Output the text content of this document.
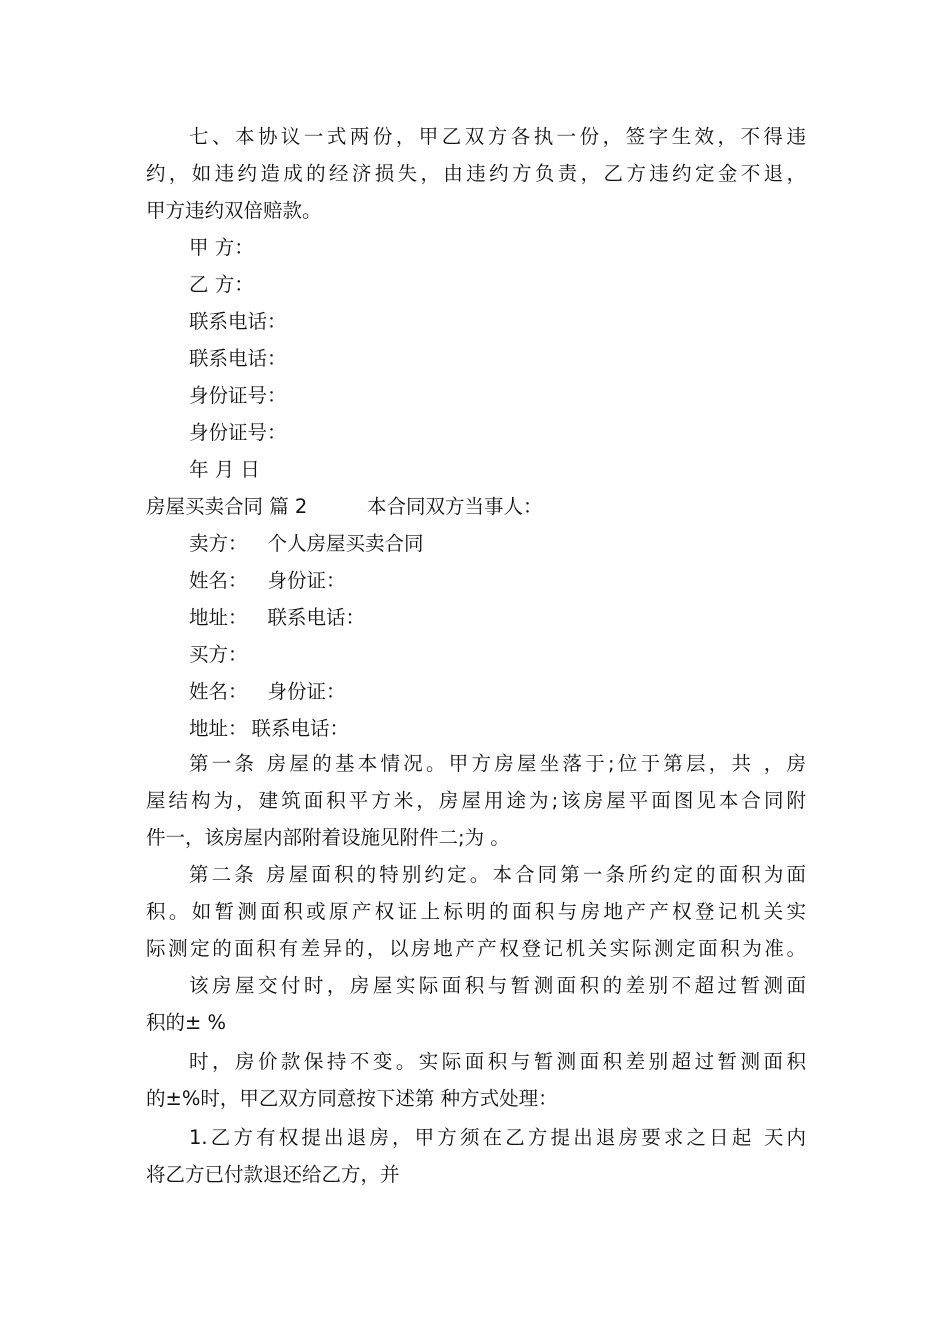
七、本协议一式两份，甲乙双方各执一份，签字生效，不得违
约，如违约造成的经济损失，由违约方负责，乙方违约定金不退，
甲方违约双倍赔款。
甲 方：
乙 方：
联系电话：
联系电话：
身份证号：
身份证号：
年 月 日
房屋买卖合同 篇 2	本合同双方当事人：
卖方： 个人房屋买卖合同
姓名： 身份证：
地址： 联系电话：
买方：
姓名： 身份证：
地址： 联系电话：
第一条 房屋的基本情况。甲方房屋坐落于;位于第层，共 ，房
屋结构为，建筑面积平方米，房屋用途为;该房屋平面图见本合同附
件一，该房屋内部附着设施见附件二;为 。
第二条 房屋面积的特别约定。本合同第一条所约定的面积为面
积。如暂测面积或原产权证上标明的面积与房地产产权登记机关实
际测定的面积有差异的，以房地产产权登记机关实际测定面积为准。
该房屋交付时，房屋实际面积与暂测面积的差别不超过暂测面
积的± %
时，房价款保持不变。实际面积与暂测面积差别超过暂测面积
的±%时，甲乙双方同意按下述第 种方式处理：
1.乙方有权提出退房，甲方须在乙方提出退房要求之日起 天内
将乙方已付款退还给乙方，并
